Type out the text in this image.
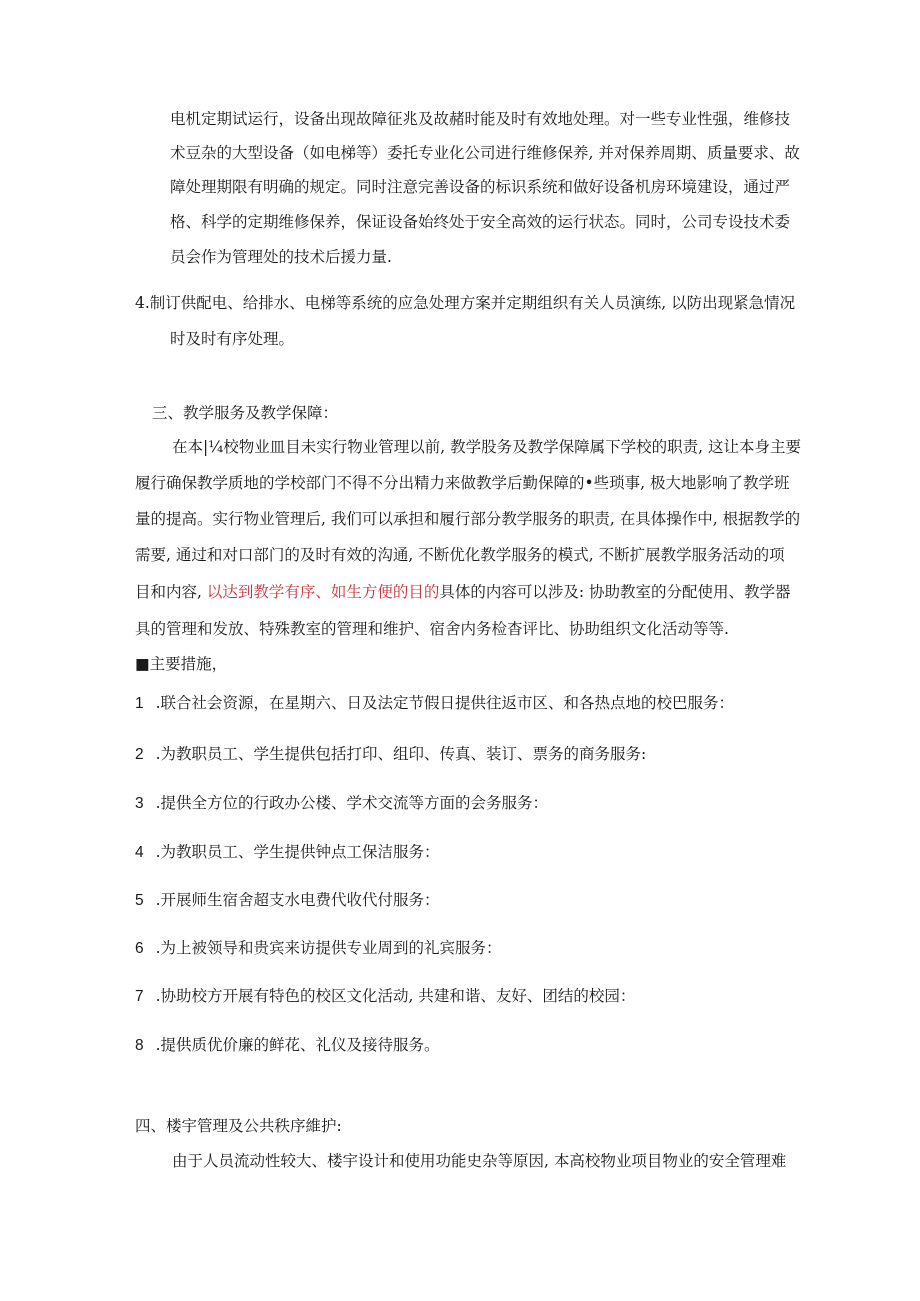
电机定期试运行，设备出现故障征兆及故赭时能及时有效地处理。对一些专业性强，维修技
术豆杂的大型设备（如电梯等）委托专业化公司进行维修保养, 并对保养周期、质量要求、故
障处理期限有明确的规定。同时注意完善设备的标识系统和做好设备机房环境建设，通过严
格、科学的定期维修保养，保证设备始终处于安全高效的运行状态。同时，公司专设技术委
员会作为管理处的技术后援力量.
4.制订供配电、给排水、电梯等系统的应急处理方案并定期组织有关人员演练, 以防出现紧急情况
时及时有序处理。
三、教学服务及教学保障：
在本|¼校物业皿目未实行物业管理以前, 教学股务及教学保障属下学校的职责, 这让本身主要
履行确保教学质地的学校部门不得不分出精力来做教学后勤保障的•些琐事, 极大地影响了教学班
量的提高。实行物业管理后, 我们可以承担和履行部分教学服务的职责, 在具体操作中, 根据教学的
需要, 通过和对口部门的及时有效的沟通, 不断优化教学服务的模式, 不断扩展教学服务活动的项
目和内容, 以达到教学有序、如生方便的目的具体的内容可以涉及: 协助教室的分配使用、教学器
具的管理和发放、特殊教室的管理和维护、宿舍内务检杳评比、协助组织文化活动等等.
■主要措施，
1 .联合社会资源，在星期六、日及法定节假日提供往返市区、和各热点地的校巴服务：
2 .为教职员工、学生提供包括打印、组印、传真、装订、票务的商务服务:
3 .提供全方位的行政办公楼、学术交流等方面的会务服务：
4 .为教职员工、学生提供钟点工保洁服务：
5 .开展师生宿舍超支水电费代收代付服务：
6 .为上被领导和贵宾来访提供专业周到的礼宾服务：
7 .协助校方开展有特色的校区文化活动, 共建和谐、友好、团结的校园：
8 .提供质优价廉的鲜花、礼仪及接待服务。
四、楼宇管理及公共秩序維护:
由于人员流动性较大、楼宇设计和使用功能史杂等原因, 本高校物业项目物业的安全管理难
